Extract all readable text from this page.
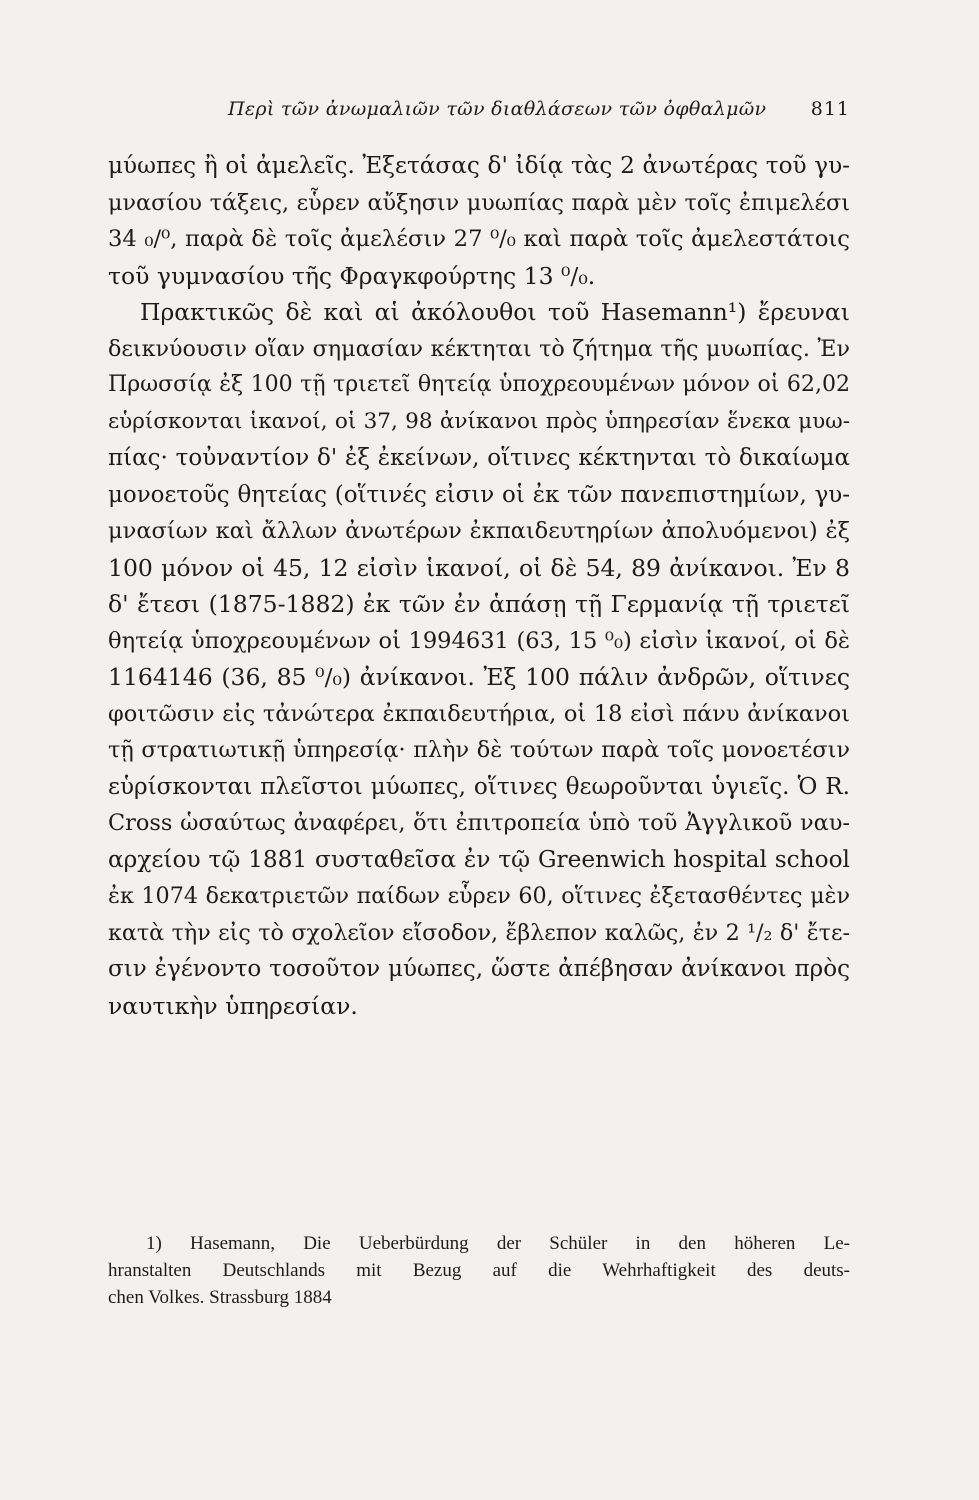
Περὶ τῶν ἀνωμαλιῶν τῶν διαθλάσεων τῶν ὀφθαλμῶν 811
μύωπες ἢ οἱ ἀμελεῖς. Ἐξετάσας δ' ἰδίᾳ τὰς 2 ἀνωτέρας τοῦ γυ-
μνασίου τάξεις, εὗρεν αὔξησιν μυωπίας παρὰ μὲν τοῖς ἐπιμελέσι
34 ₀/⁰, παρὰ δὲ τοῖς ἀμελέσιν 27 ⁰/₀ καὶ παρὰ τοῖς ἀμελεστάτοις
τοῦ γυμνασίου τῆς Φραγκφούρτης 13 ⁰/₀.
Πρακτικῶς δὲ καὶ αἱ ἀκόλουθοι τοῦ Hasemann¹) ἔρευναι
δεικνύουσιν οἵαν σημασίαν κέκτηται τὸ ζήτημα τῆς μυωπίας. Ἐν
Πρωσσίᾳ ἐξ 100 τῇ τριετεῖ θητείᾳ ὑποχρεουμένων μόνον οἱ 62,02
εὑρίσκονται ἱκανοί, οἱ 37, 98 ἀνίκανοι πρὸς ὑπηρεσίαν ἕνεκα μυω-
πίας· τοὐναντίον δ' ἐξ ἐκείνων, οἵτινες κέκτηνται τὸ δικαίωμα
μονοετοῦς θητείας (οἵτινές εἰσιν οἱ ἐκ τῶν πανεπιστημίων, γυ-
μνασίων καὶ ἄλλων ἀνωτέρων ἐκπαιδευτηρίων ἀπολυόμενοι) ἐξ
100 μόνον οἱ 45, 12 εἰσὶν ἱκανοί, οἱ δὲ 54, 89 ἀνίκανοι. Ἐν 8
δ' ἔτεσι (1875-1882) ἐκ τῶν ἐν ἁπάσῃ τῇ Γερμανίᾳ τῇ τριετεῖ
θητείᾳ ὑποχρεουμένων οἱ 1994631 (63, 15 ⁰₀) εἰσὶν ἱκανοί, οἱ δὲ
1164146 (36, 85 ⁰/₀) ἀνίκανοι. Ἐξ 100 πάλιν ἀνδρῶν, οἵτινες
φοιτῶσιν εἰς τἀνώτερα ἐκπαιδευτήρια, οἱ 18 εἰσὶ πάνυ ἀνίκανοι
τῇ στρατιωτικῇ ὑπηρεσίᾳ· πλὴν δὲ τούτων παρὰ τοῖς μονοετέσιν
εὑρίσκονται πλεῖστοι μύωπες, οἵτινες θεωροῦνται ὑγιεῖς. Ὁ R.
Cross ὡσαύτως ἀναφέρει, ὅτι ἐπιτροπεία ὑπὸ τοῦ Ἀγγλικοῦ ναυ-
αρχείου τῷ 1881 συσταθεῖσα ἐν τῷ Greenwich hospital school
ἐκ 1074 δεκατριετῶν παίδων εὗρεν 60, οἵτινες ἐξετασθέντες μὲν
κατὰ τὴν εἰς τὸ σχολεῖον εἴσοδον, ἔβλεπον καλῶς, ἐν 2 ¹/₂ δ' ἔτε-
σιν ἐγένοντο τοσοῦτον μύωπες, ὥστε ἀπέβησαν ἀνίκανοι πρὸς
ναυτικὴν ὑπηρεσίαν.
1) Hasemann, Die Ueberbürdung der Schüler in den höheren Le-
hranstalten Deutschlands mit Bezug auf die Wehrhaftigkeit des deuts-
chen Volkes. Strassburg 1884
